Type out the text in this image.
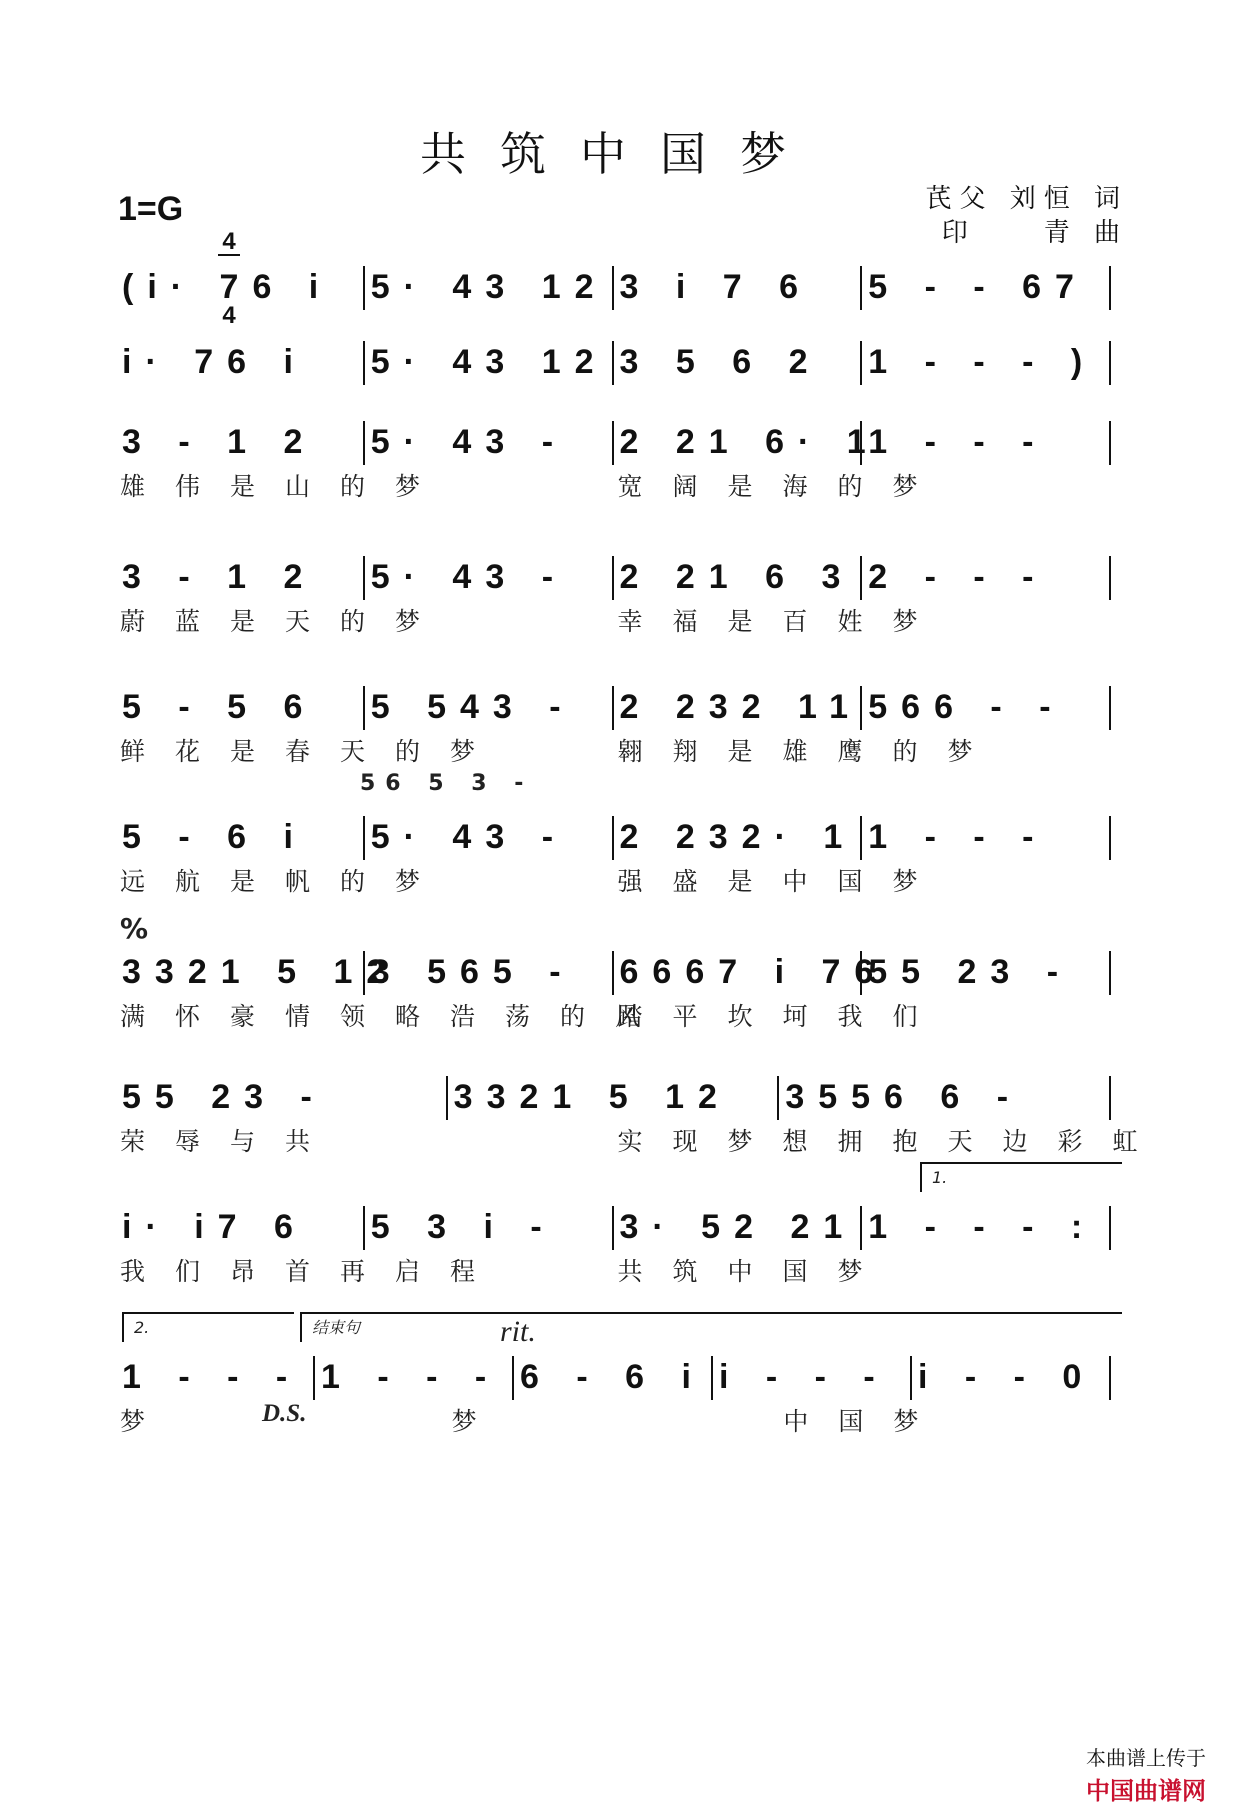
共筑中国梦
1=G

4

4

芪父 刘恒 词
印　　青 曲
(i· 76 i 5· 43 12 3 i 7 6 5 - - 67
i· 76 i 5· 43 12 3 5 6 2 1 - - - )
3 - 1 2 5· 43 - 2 21 6· 1
1 - - -
雄伟是山的梦	宽阔是海的梦
3 - 1 2 5· 43 - 2 21 6 3 2 - - -
蔚蓝是天的梦	幸福是百姓梦
5 - 5 6 5 543 - 2 232 11 566 - -
鲜花是春天的梦	翱翔是雄鹰的梦
5 - 6 i 5· 43 - 2 232· 1 1 - - -
远航是帆的梦	强盛是中国梦
56 5 3 -
3321 5 12
3 565 - 6667 i 76
55 23 -
满怀豪情领略浩荡的风
踏平坎坷我们
%
55 23 -	3321 5 12 3556 6 -
荣辱与共	实现梦想拥抱天边彩虹
i· i7 6 5 3 i - 3· 52 21 1 - - - :
我们昂首再启程	共筑中国梦
1.
1 - - - 1 - - - 6 - 6 i i - - - i - - 0
梦	梦	中国梦
2.	结束句	rit.
D.S.

本曲谱上传于
中国曲谱网
